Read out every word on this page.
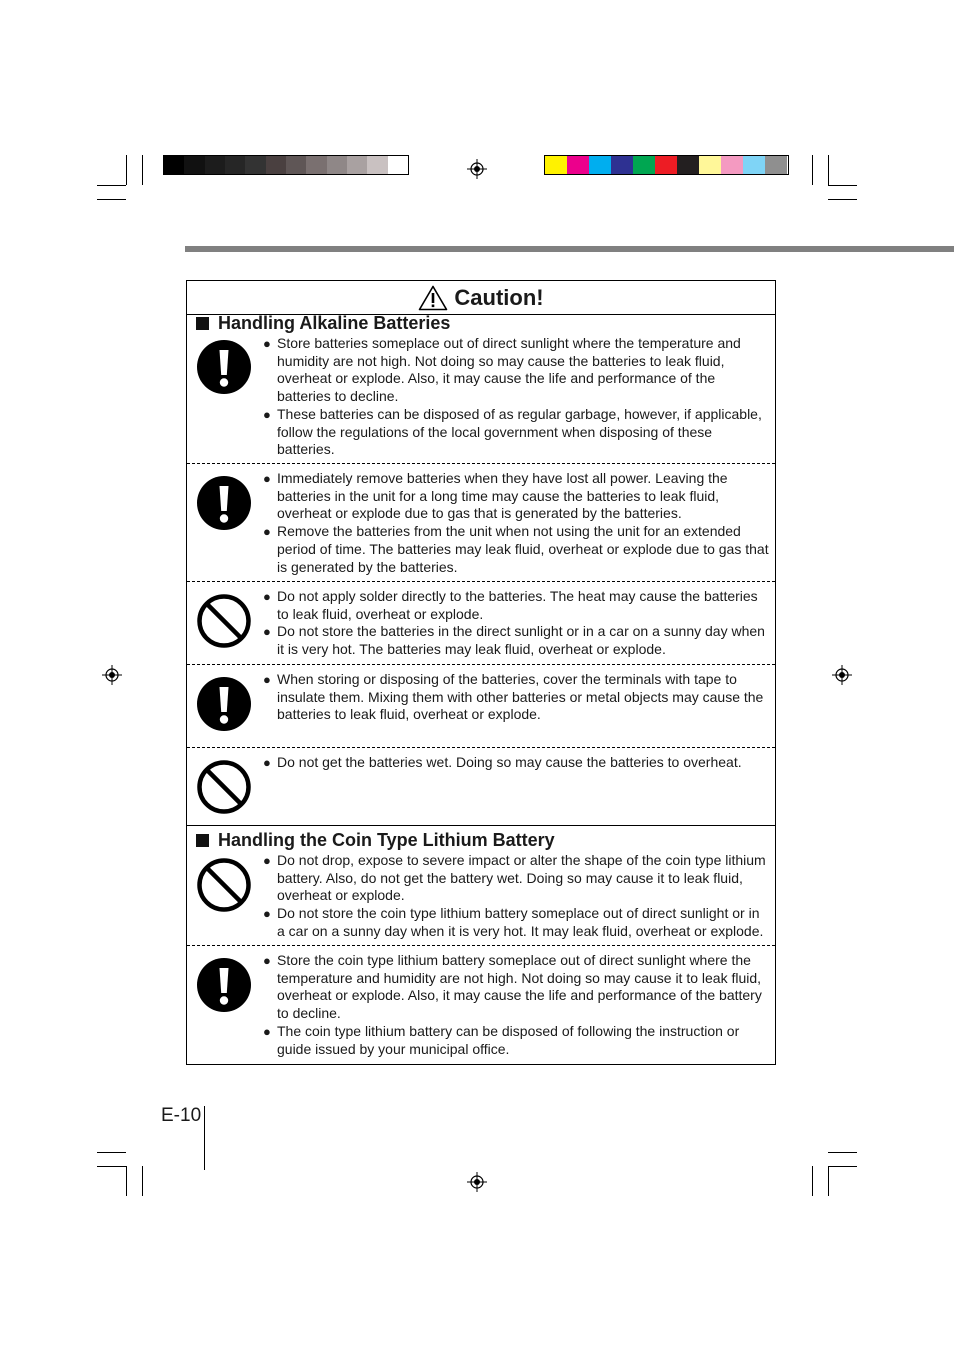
Caution!
Handling Alkaline Batteries
● Store batteries someplace out of direct sunlight where the temperature and humidity are not high. Not doing so may cause the batteries to leak fluid, overheat or explode. Also, it may cause the life and performance of the batteries to decline.
● These batteries can be disposed of as regular garbage, however, if applicable, follow the regulations of the local government when disposing of these batteries.
● Immediately remove batteries when they have lost all power. Leaving the batteries in the unit for a long time may cause the batteries to leak fluid, overheat or explode due to gas that is generated by the batteries.
● Remove the batteries from the unit when not using the unit for an extended period of time. The batteries may leak fluid, overheat or explode due to gas that is generated by the batteries.
● Do not apply solder directly to the batteries. The heat may cause the batteries to leak fluid, overheat or explode.
● Do not store the batteries in the direct sunlight or in a car on a sunny day when it is very hot. The batteries may leak fluid, overheat or explode.
● When storing or disposing of the batteries, cover the terminals with tape to insulate them. Mixing them with other batteries or metal objects may cause the batteries to leak fluid, overheat or explode.
● Do not get the batteries wet. Doing so may cause the batteries to overheat.
Handling the Coin Type Lithium Battery
● Do not drop, expose to severe impact or alter the shape of the coin type lithium battery. Also, do not get the battery wet. Doing so may cause it to leak fluid, overheat or explode.
● Do not store the coin type lithium battery someplace out of direct sunlight or in a car on a sunny day when it is very hot. It may leak fluid, overheat or explode.
● Store the coin type lithium battery someplace out of direct sunlight where the temperature and humidity are not high. Not doing so may cause it to leak fluid, overheat or explode. Also, it may cause the life and performance of the battery to decline.
● The coin type lithium battery can be disposed of following the instruction or guide issued by your municipal office.
E-10
